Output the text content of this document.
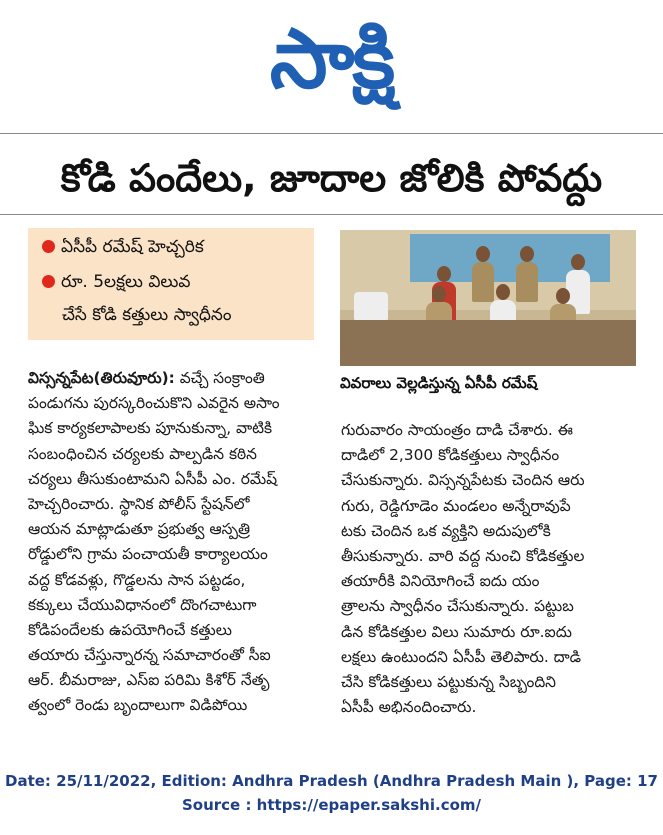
సాక్షి
కోడి పందేలు, జూదాల జోలికి పోవద్దు
ఏసీపీ రమేష్ హెచ్చరిక
రూ. 5లక్షలు విలువ
చేసే కోడి కత్తులు స్వాధీనం
వివరాలు వెల్లడిస్తున్న ఏసీపీ రమేష్
విస్సన్నపేట(తిరువూరు): వచ్చే సంక్రాంతి
పండుగను పురస్కరించుకొని ఎవరైన అసాం
ఘిక కార్యకలాపాలకు పూనుకున్నా, వాటికి
సంబంధించిన చర్యలకు పాల్పడిన కఠిన
చర్యలు తీసుకుంటామని ఏసీపీ ఎం. రమేష్
హెచ్చరించారు. స్థానిక పోలీస్ స్టేషన్‌లో
ఆయన మాట్లాడుతూ ప్రభుత్వ ఆస్పత్రి
రోడ్డులోని గ్రామ పంచాయతీ కార్యాలయం
వద్ద కోడవళ్లు, గొడ్డలను సాన పట్టడం,
కక్కులు చేయువిధానంలో దొంగచాటుగా
కోడిపందేలకు ఉపయోగించే కత్తులు
తయారు చేస్తున్నారన్న సమాచారంతో సీఐ
ఆర్. బీమరాజు, ఎస్ఐ పరిమి కిశోర్ నేతృ
త్వంలో రెండు బృందాలుగా విడిపోయి
గురువారం సాయంత్రం దాడి చేశారు. ఈ
దాడిలో 2,300 కోడికత్తులు స్వాధీనం
చేసుకున్నారు. విస్సన్నపేటకు చెందిన ఆరు
గురు, రెడ్డిగూడెం మండలం అన్నేరావుపే
టకు చెందిన ఒక వ్యక్తిని అదుపులోకి
తీసుకున్నారు. వారి వద్ద నుంచి కోడికత్తుల
తయారీకి వినియోగించే ఐదు యం
త్రాలను స్వాధీనం చేసుకున్నారు. పట్టుబ
డిన కోడికత్తుల విలు సుమారు రూ.ఐదు
లక్షలు ఉంటుందని ఏసీపీ తెలిపారు. దాడి
చేసి కోడికత్తులు పట్టుకున్న సిబ్బందిని
ఏసీపీ అభినందించారు.
Date: 25/11/2022, Edition: Andhra Pradesh (Andhra Pradesh Main ), Page: 17
Source : https://epaper.sakshi.com/
